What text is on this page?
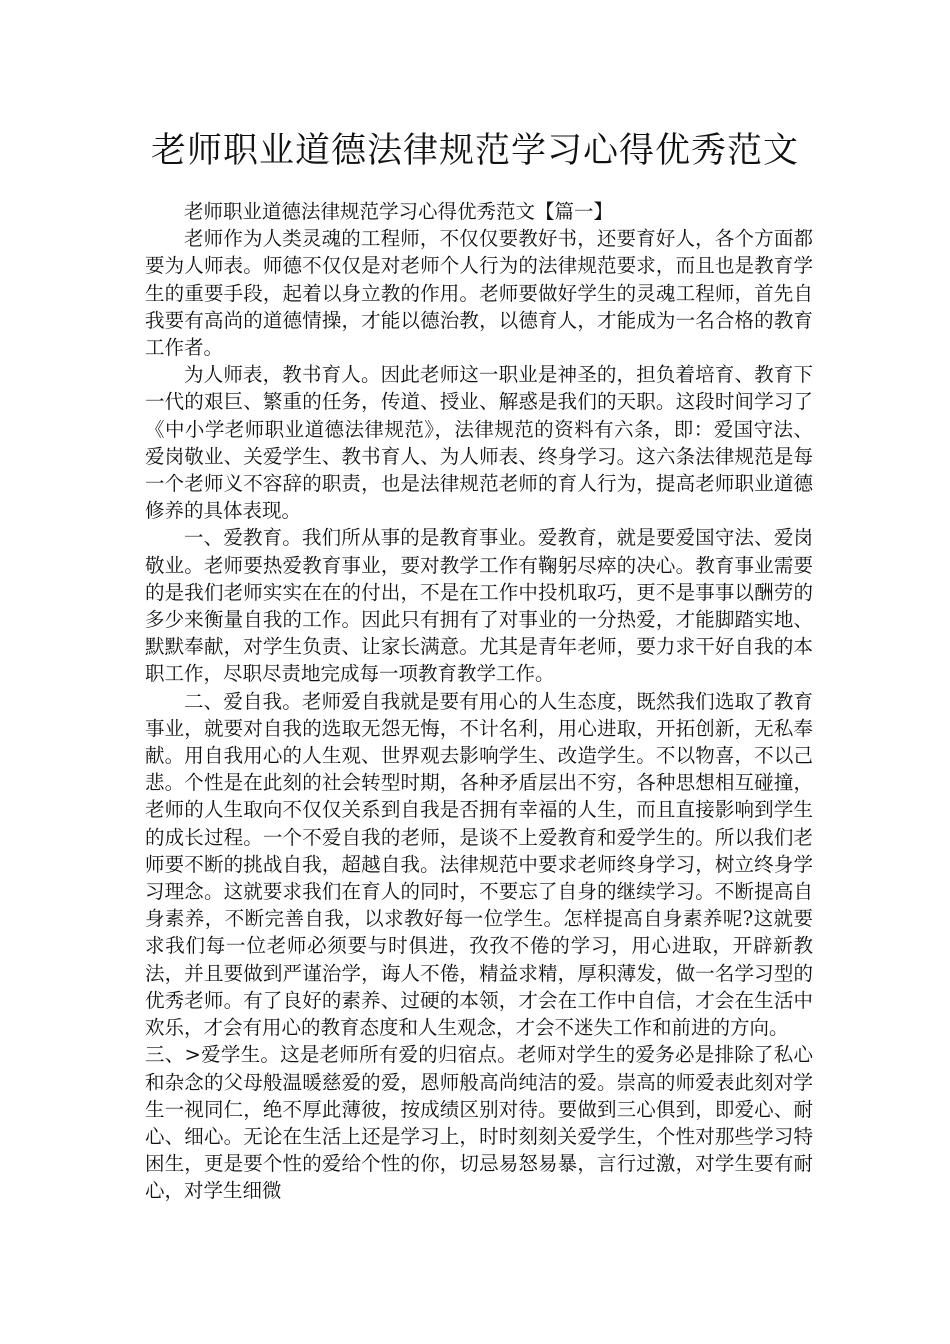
老师职业道德法律规范学习心得优秀范文

老师职业道德法律规范学习心得优秀范文【篇一】

老师作为人类灵魂的工程师，不仅仅要教好书，还要育好人，各个方面都要为人师表。师德不仅仅是对老师个人行为的法律规范要求，而且也是教育学生的重要手段，起着以身立教的作用。老师要做好学生的灵魂工程师，首先自我要有高尚的道德情操，才能以德治教，以德育人，才能成为一名合格的教育工作者。

为人师表，教书育人。因此老师这一职业是神圣的，担负着培育、教育下一代的艰巨、繁重的任务，传道、授业、解惑是我们的天职。这段时间学习了《中小学老师职业道德法律规范》，法律规范的资料有六条，即：爱国守法、爱岗敬业、关爱学生、教书育人、为人师表、终身学习。这六条法律规范是每一个老师义不容辞的职责，也是法律规范老师的育人行为，提高老师职业道德修养的具体表现。

一、爱教育。我们所从事的是教育事业。爱教育，就是要爱国守法、爱岗敬业。老师要热爱教育事业，要对教学工作有鞠躬尽瘁的决心。教育事业需要的是我们老师实实在在的付出，不是在工作中投机取巧，更不是事事以酬劳的多少来衡量自我的工作。因此只有拥有了对事业的一分热爱，才能脚踏实地、默默奉献，对学生负责、让家长满意。尤其是青年老师，要力求干好自我的本职工作，尽职尽责地完成每一项教育教学工作。

二、爱自我。老师爱自我就是要有用心的人生态度，既然我们选取了教育事业，就要对自我的选取无怨无悔，不计名利，用心进取，开拓创新，无私奉献。用自我用心的人生观、世界观去影响学生、改造学生。不以物喜，不以己悲。个性是在此刻的社会转型时期，各种矛盾层出不穷，各种思想相互碰撞，老师的人生取向不仅仅关系到自我是否拥有幸福的人生，而且直接影响到学生的成长过程。一个不爱自我的老师，是谈不上爱教育和爱学生的。所以我们老师要不断的挑战自我，超越自我。法律规范中要求老师终身学习，树立终身学习理念。这就要求我们在育人的同时，不要忘了自身的继续学习。不断提高自身素养，不断完善自我，以求教好每一位学生。怎样提高自身素养呢?这就要求我们每一位老师必须要与时俱进，孜孜不倦的学习，用心进取，开辟新教法，并且要做到严谨治学，诲人不倦，精益求精，厚积薄发，做一名学习型的优秀老师。有了良好的素养、过硬的本领，才会在工作中自信，才会在生活中欢乐，才会有用心的教育态度和人生观念，才会不迷失工作和前进的方向。

三、>爱学生。这是老师所有爱的归宿点。老师对学生的爱务必是排除了私心和杂念的父母般温暖慈爱的爱，恩师般高尚纯洁的爱。崇高的师爱表此刻对学生一视同仁，绝不厚此薄彼，按成绩区别对待。要做到三心俱到，即爱心、耐心、细心。无论在生活上还是学习上，时时刻刻关爱学生，个性对那些学习特困生，更是要个性的爱给个性的你，切忌易怒易暴，言行过激，对学生要有耐心，对学生细微
